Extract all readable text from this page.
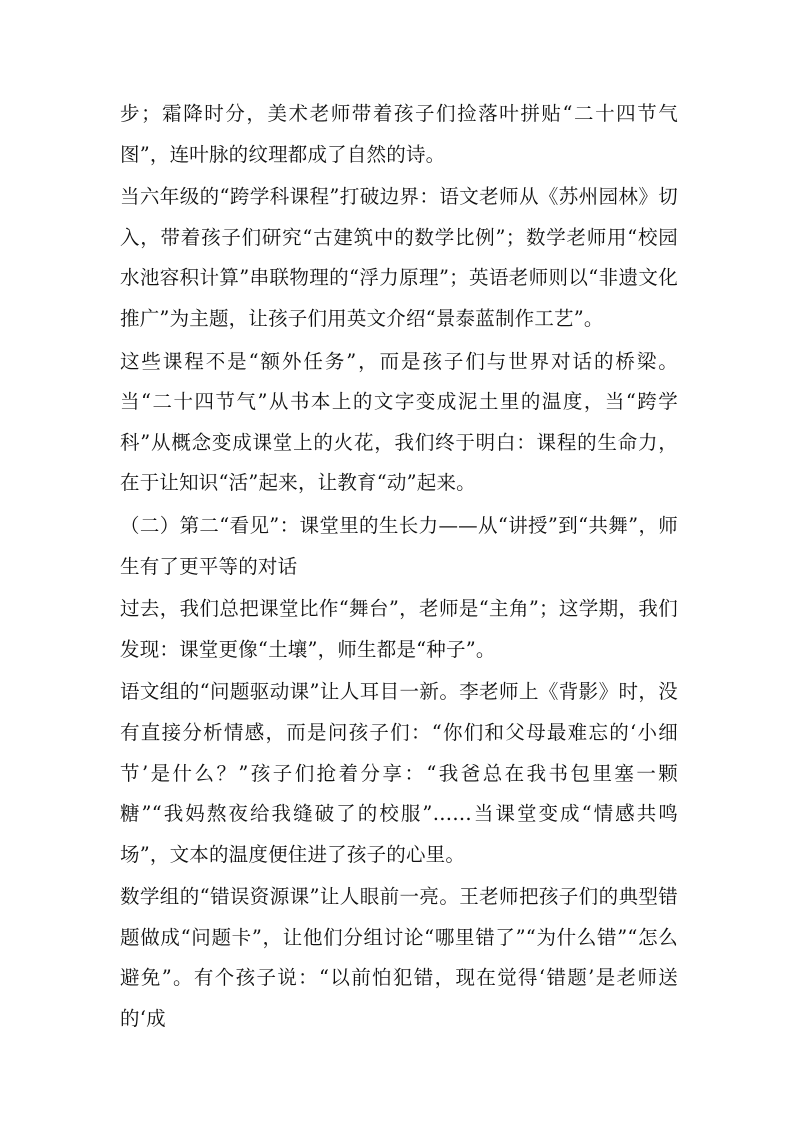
步；霜降时分，美术老师带着孩子们捡落叶拼贴“二十四节气图”，连叶脉的纹理都成了自然的诗。

当六年级的“跨学科课程”打破边界：语文老师从《苏州园林》切入，带着孩子们研究“古建筑中的数学比例”；数学老师用“校园水池容积计算”串联物理的“浮力原理”；英语老师则以“非遗文化推广”为主题，让孩子们用英文介绍“景泰蓝制作工艺”。

这些课程不是“额外任务”，而是孩子们与世界对话的桥梁。当“二十四节气”从书本上的文字变成泥土里的温度，当“跨学科”从概念变成课堂上的火花，我们终于明白：课程的生命力，在于让知识“活”起来，让教育“动”起来。

（二）第二“看见”：课堂里的生长力——从“讲授”到“共舞”，师生有了更平等的对话

过去，我们总把课堂比作“舞台”，老师是“主角”；这学期，我们发现：课堂更像“土壤”，师生都是“种子”。

语文组的“问题驱动课”让人耳目一新。李老师上《背影》时，没有直接分析情感，而是问孩子们：“你们和父母最难忘的‘小细节’是什么？”孩子们抢着分享：“我爸总在我书包里塞一颗糖”“我妈熬夜给我缝破了的校服”……当课堂变成“情感共鸣场”，文本的温度便住进了孩子的心里。

数学组的“错误资源课”让人眼前一亮。王老师把孩子们的典型错题做成“问题卡”，让他们分组讨论“哪里错了”“为什么错”“怎么避免”。有个孩子说：“以前怕犯错，现在觉得‘错题’是老师送的‘成
